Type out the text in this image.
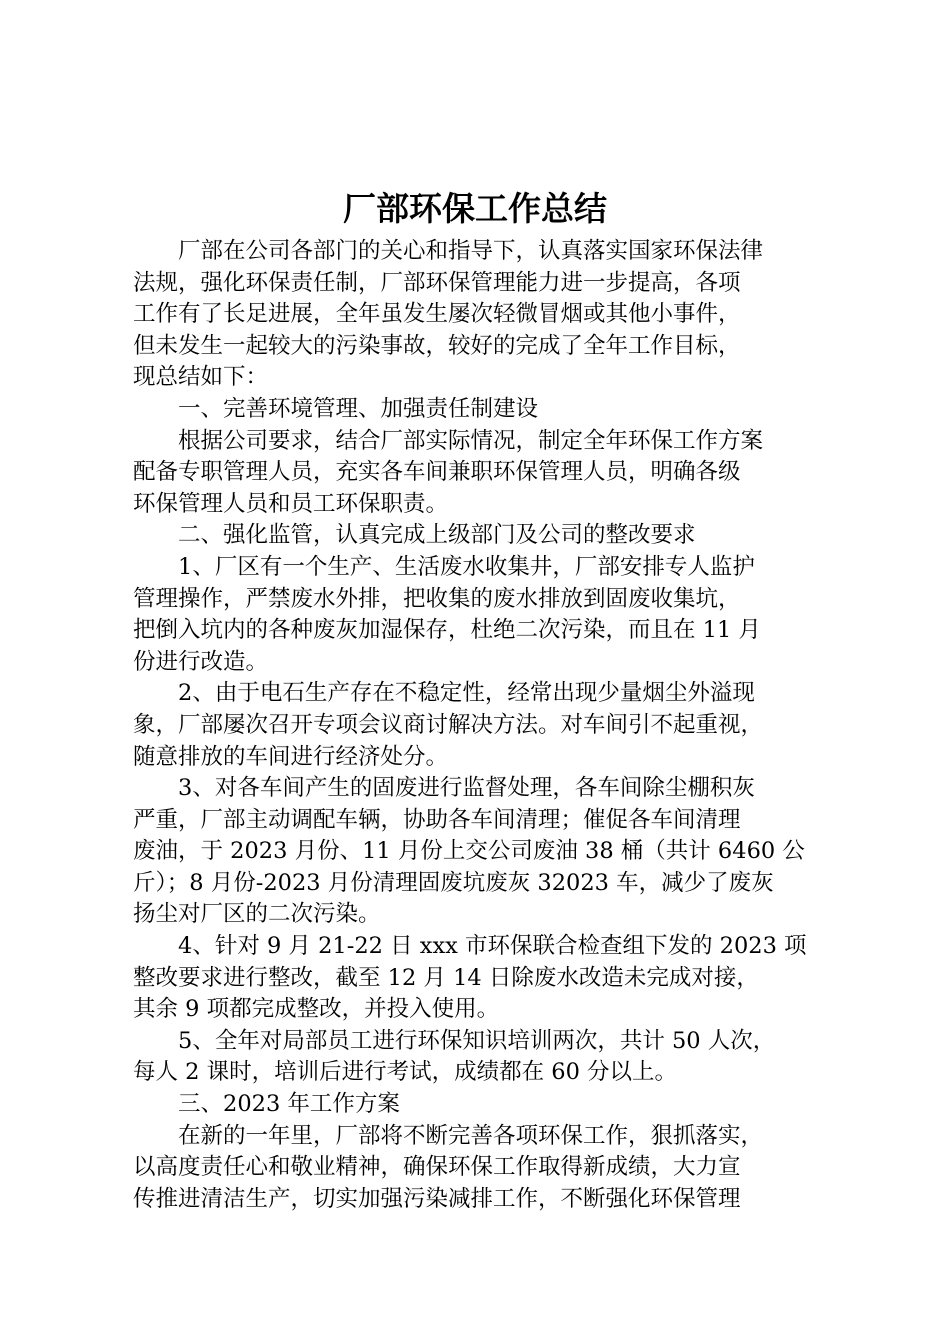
厂部环保工作总结
厂部在公司各部门的关心和指导下，认真落实国家环保法律
法规，强化环保责任制，厂部环保管理能力进一步提高，各项
工作有了长足进展，全年虽发生屡次轻微冒烟或其他小事件，
但未发生一起较大的污染事故，较好的完成了全年工作目标，
现总结如下：
一、完善环境管理、加强责任制建设
根据公司要求，结合厂部实际情况，制定全年环保工作方案
配备专职管理人员，充实各车间兼职环保管理人员，明确各级
环保管理人员和员工环保职责。
二、强化监管，认真完成上级部门及公司的整改要求
1、厂区有一个生产、生活废水收集井，厂部安排专人监护
管理操作，严禁废水外排，把收集的废水排放到固废收集坑，
把倒入坑内的各种废灰加湿保存，杜绝二次污染，而且在 11 月
份进行改造。
2、由于电石生产存在不稳定性，经常出现少量烟尘外溢现
象，厂部屡次召开专项会议商讨解决方法。对车间引不起重视，
随意排放的车间进行经济处分。
3、对各车间产生的固废进行监督处理，各车间除尘棚积灰
严重，厂部主动调配车辆，协助各车间清理；催促各车间清理
废油，于 2023 月份、11 月份上交公司废油 38 桶（共计 6460 公
斤）；8 月份-2023 月份清理固废坑废灰 32023 车，减少了废灰
扬尘对厂区的二次污染。
4、针对 9 月 21-22 日 xxx 市环保联合检查组下发的 2023 项
整改要求进行整改，截至 12 月 14 日除废水改造未完成对接，
其余 9 项都完成整改，并投入使用。
5、全年对局部员工进行环保知识培训两次，共计 50 人次，
每人 2 课时，培训后进行考试，成绩都在 60 分以上。
三、2023 年工作方案
在新的一年里，厂部将不断完善各项环保工作，狠抓落实，
以高度责任心和敬业精神，确保环保工作取得新成绩，大力宣
传推进清洁生产，切实加强污染减排工作，不断强化环保管理
